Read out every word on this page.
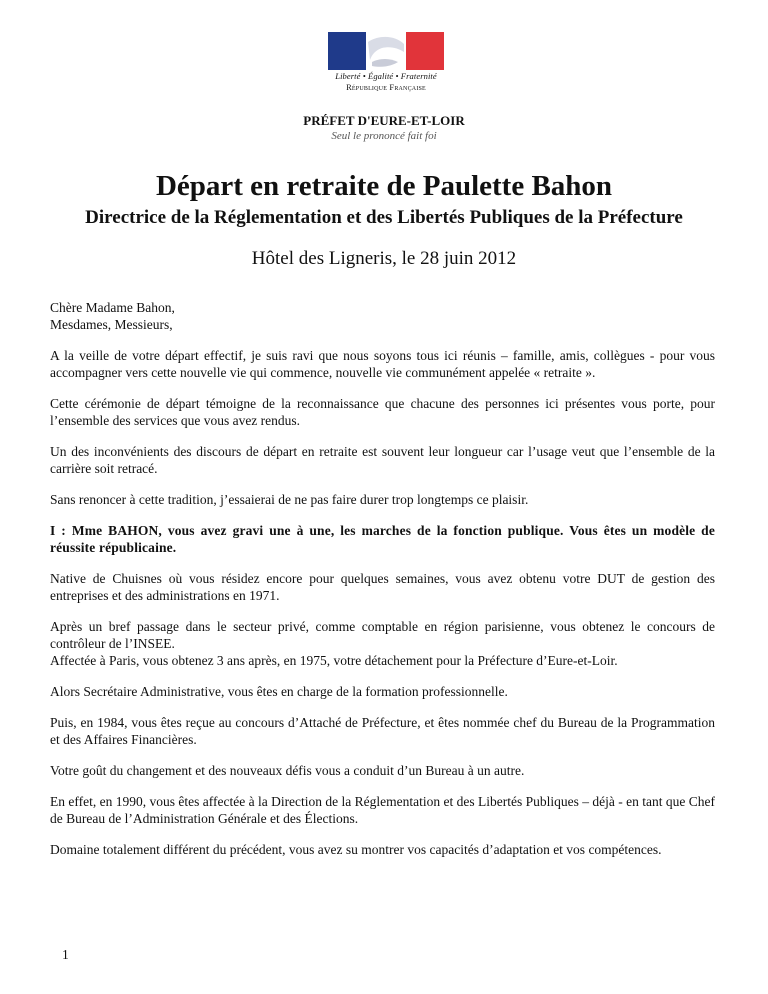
Liberté • Égalité • Fraternité
République Française
PRÉFET D'EURE-ET-LOIR
Seul le prononcé fait foi
Départ en retraite de Paulette Bahon
Directrice de la Réglementation et des Libertés Publiques de la Préfecture
Hôtel des Ligneris, le 28 juin 2012

Chère Madame Bahon,

Mesdames, Messieurs,

A la veille de votre départ effectif, je suis ravi que nous soyons tous ici réunis – famille, amis, collègues - pour vous accompagner vers cette nouvelle vie qui commence, nouvelle vie communément appelée « retraite ».

Cette cérémonie de départ témoigne de la reconnaissance que chacune des personnes ici présentes vous porte, pour l’ensemble des services que vous avez rendus.

Un des inconvénients des discours de départ en retraite est souvent leur longueur car l’usage veut que l’ensemble de la carrière soit retracé.

Sans renoncer à cette tradition, j’essaierai de ne pas faire durer trop longtemps ce plaisir.

I : Mme BAHON, vous avez gravi une à une, les marches de la fonction publique. Vous êtes un modèle de réussite républicaine.

Native de Chuisnes où vous résidez encore pour quelques semaines, vous avez obtenu votre DUT de gestion des entreprises et des administrations en 1971.

Après un bref passage dans le secteur privé, comme comptable en région parisienne, vous obtenez le concours de contrôleur de l’INSEE.

Affectée à Paris, vous obtenez 3 ans après, en 1975, votre détachement pour la Préfecture d’Eure-et-Loir.

Alors Secrétaire Administrative, vous êtes en charge de la formation professionnelle.

Puis, en 1984, vous êtes reçue au concours d’Attaché de Préfecture, et êtes nommée chef du Bureau de la Programmation et des Affaires Financières.

Votre goût du changement et des nouveaux défis vous a conduit d’un Bureau à un autre.

En effet, en 1990, vous êtes affectée à la Direction de la Réglementation et des Libertés Publiques – déjà - en tant que Chef de Bureau de l’Administration Générale et des Élections.

Domaine totalement différent du précédent, vous avez su montrer vos capacités d’adaptation et vos compétences.

1
